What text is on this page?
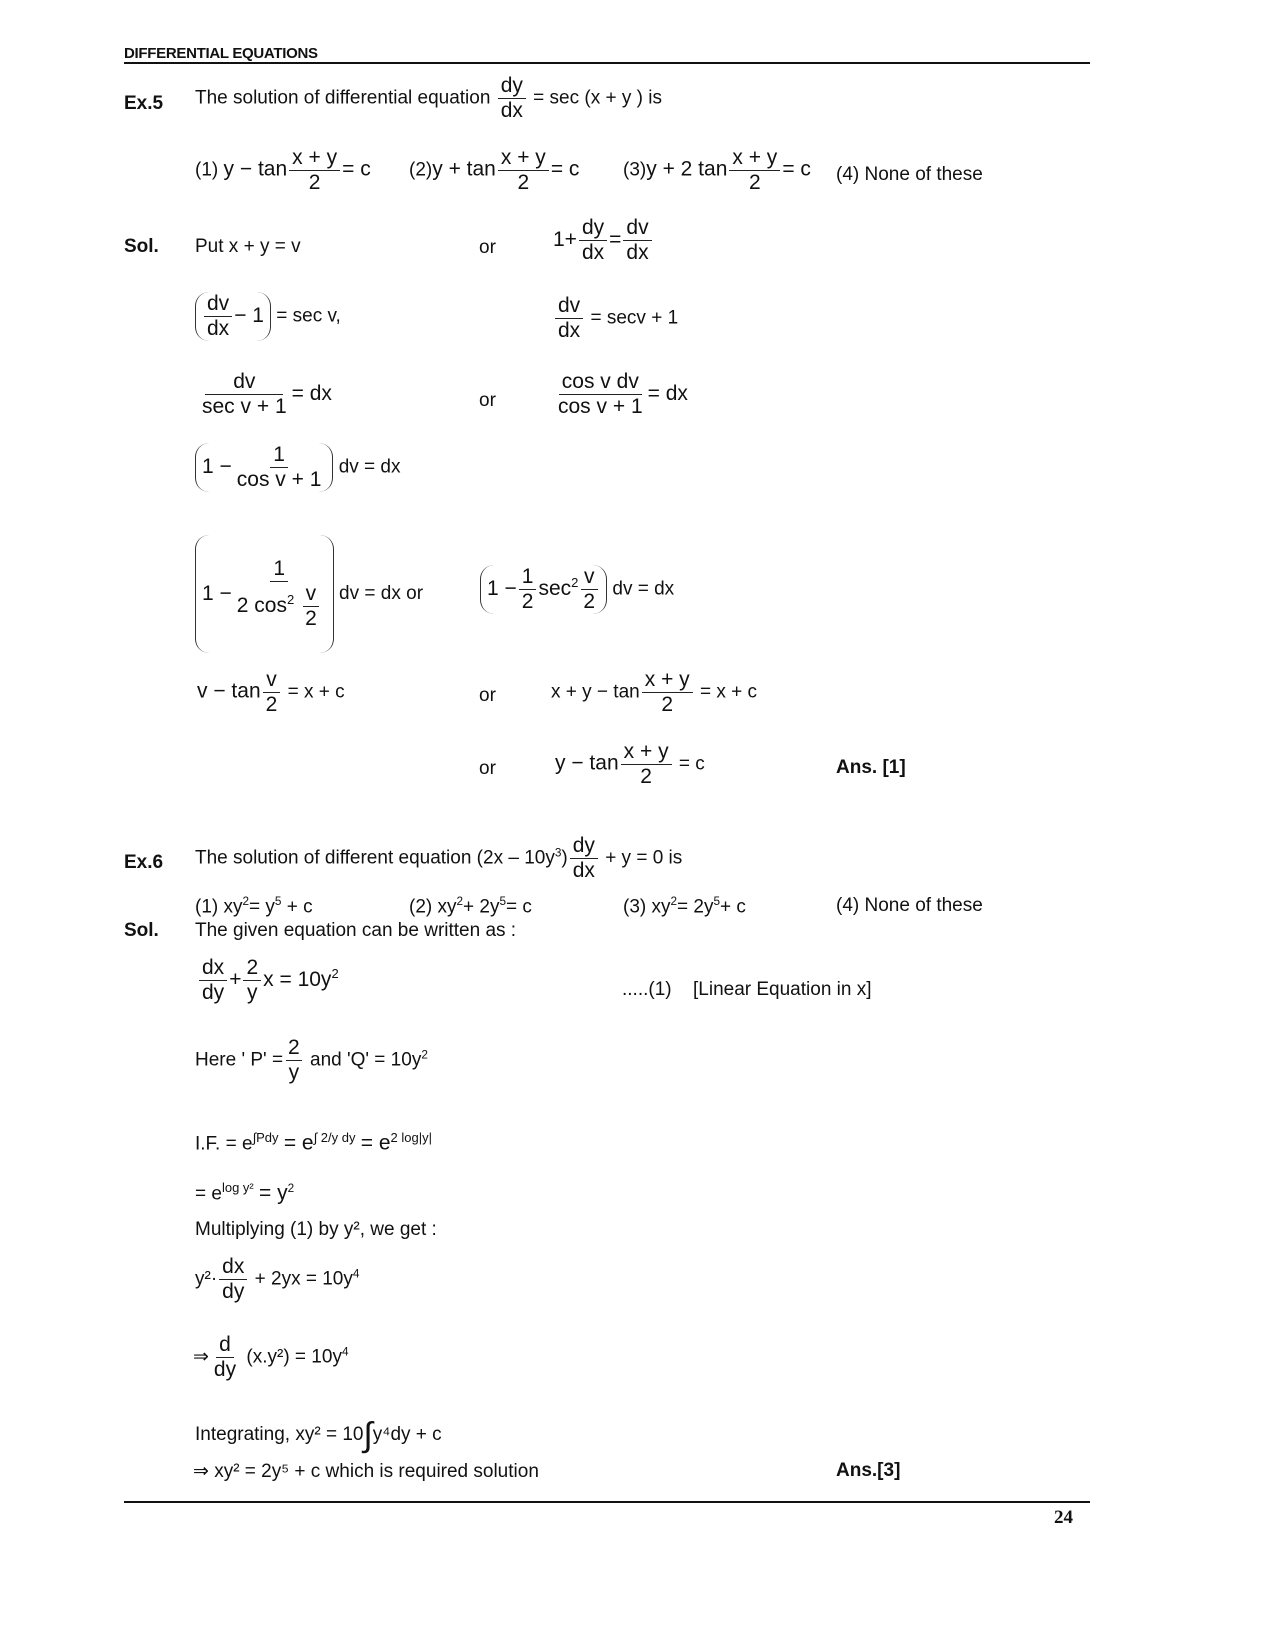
DIFFERENTIAL EQUATIONS
Ex.5 The solution of differential equation $\frac{dy}{dx} = \sec (x + y$ ) is
(1) $y - \tan \frac{x + y}{2} = c$ $(2)y + \tan \frac{x + y}{2} = c$ (3)y + 2 $\tan \frac{x + y}{2} = c$ (4) None of these
Sol. Put x + y = v	or	$1+ \frac{dy}{dx} = \frac{dv}{dx}$
$\frac{dv}{dx} - 1 = \sec v$,	$\frac{dv}{dx} = \sec v + 1$
$\frac{dv}{\text{sec v + 1}}$ = dx	or	$\frac{\text{cos v dv}}{\text{cos v + 1}}$ = dx
$1 - \frac{1}{\text{cos v + 1}}$ dv = dx
$1 - \frac{1}{2 \cos^2 \frac{v}{2}}$ dv = dx or	$1 - \frac{1}{2} \sec^2 \frac{v}{2}$ dv = dx
$v - \tan \frac{v}{2} = x + c$	or	$x + y - \tan \frac{x + y}{2} = x + c$
or	$y - \tan \frac{x + y}{2} = c$	Ans. [1]
Ex.6 The solution of different equation $(2x - 10y^3) \frac{dy}{dx} + y = 0$ is
(1) $xy^2= y^5 + c$	(2) $xy^2+ 2y^5= c$	(3) $xy^2= 2y^5+ c$	(4) None of these
Sol. The given equation can be written as :
$\frac{dx}{dy} + \frac{2}{y}$ $x = 10y^2$
.....(1) [Linear Equation in x]
Here ' $P' = \frac{2}{y}$ and '$Q' = 10y^2$
I.F. = $e^{\int Pdy} = e^{\int 2/y dy} = e^{2 log|y|}$
= $e^{log y^2} = y^2$
Multiplying (1) by y², we get :
$y^2\cdot \frac{dx}{dy} + 2yx = 10y^4$
⇒ $\frac{d}{dy} (x.y^2) = 10y^4$
Integrating, xy² = 10∫y⁴dy + c
⇒ xy² = 2y⁵ + c which is required solution	Ans.[3]
24
